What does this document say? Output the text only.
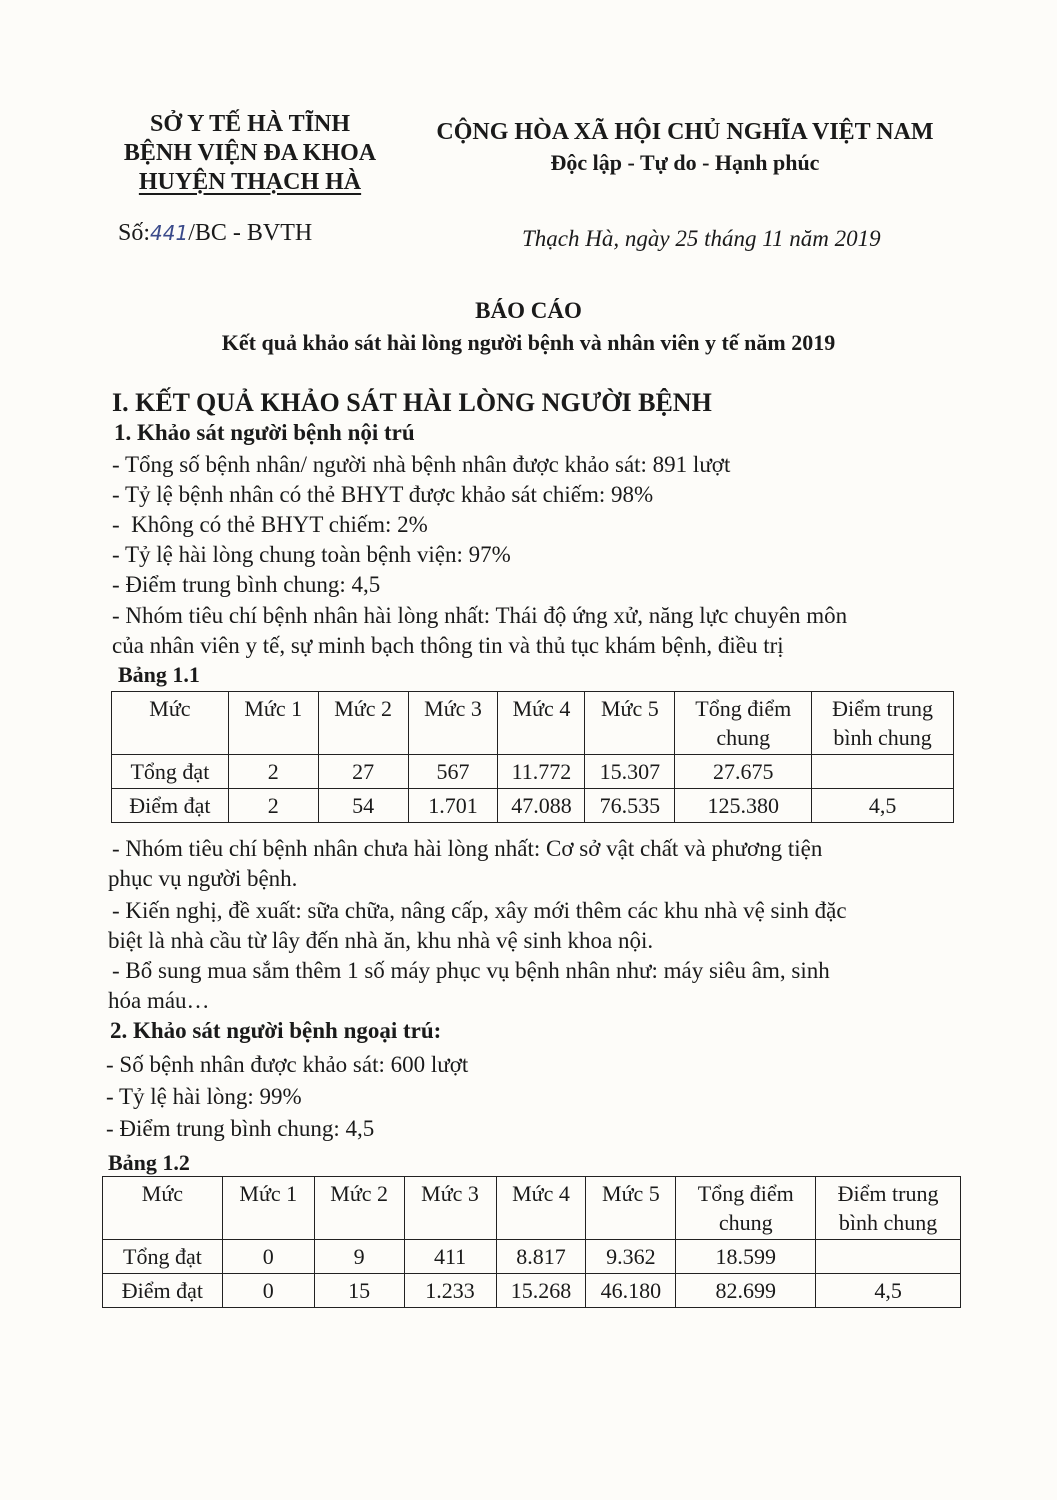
SỞ Y TẾ HÀ TĨNH
BỆNH VIỆN ĐA KHOA
HUYỆN THẠCH HÀ
CỘNG HÒA XÃ HỘI CHỦ NGHĨA VIỆT NAM
Độc lập - Tự do - Hạnh phúc
Số:441/BC - BVTH	Thạch Hà, ngày 25 tháng 11 năm 2019
BÁO CÁO
Kết quả khảo sát hài lòng người bệnh và nhân viên y tế năm 2019
I. KẾT QUẢ KHẢO SÁT HÀI LÒNG NGƯỜI BỆNH
1. Khảo sát người bệnh nội trú
- Tổng số bệnh nhân/ người nhà bệnh nhân được khảo sát: 891 lượt
- Tỷ lệ bệnh nhân có thẻ BHYT được khảo sát chiếm: 98%
-  Không có thẻ BHYT chiếm: 2%
- Tỷ lệ hài lòng chung toàn bệnh viện: 97%
- Điểm trung bình chung: 4,5
- Nhóm tiêu chí bệnh nhân hài lòng nhất: Thái độ ứng xử, năng lực chuyên môn
của nhân viên y tế, sự minh bạch thông tin và thủ tục khám bệnh, điều trị
Bảng 1.1
Mức	Mức 1	Mức 2	Mức 3	Mức 4	Mức 5	Tổng điểm chung	Điểm trung bình chung
Tổng đạt	2	27	567	11.772	15.307	27.675	
Điểm đạt	2	54	1.701	47.088	76.535	125.380	4,5
- Nhóm tiêu chí bệnh nhân chưa hài lòng nhất: Cơ sở vật chất và phương tiện
phục vụ người bệnh.
- Kiến nghị, đề xuất: sữa chữa, nâng cấp, xây mới thêm các khu nhà vệ sinh đặc
biệt là nhà cầu từ lây đến nhà ăn, khu nhà vệ sinh khoa nội.
- Bổ sung mua sắm thêm 1 số máy phục vụ bệnh nhân như: máy siêu âm, sinh
hóa máu…
2. Khảo sát người bệnh ngoại trú:
- Số bệnh nhân được khảo sát: 600 lượt
- Tỷ lệ hài lòng: 99%
- Điểm trung bình chung: 4,5
Bảng 1.2
Mức	Mức 1	Mức 2	Mức 3	Mức 4	Mức 5	Tổng điểm chung	Điểm trung bình chung
Tổng đạt	0	9	411	8.817	9.362	18.599	
Điểm đạt	0	15	1.233	15.268	46.180	82.699	4,5
